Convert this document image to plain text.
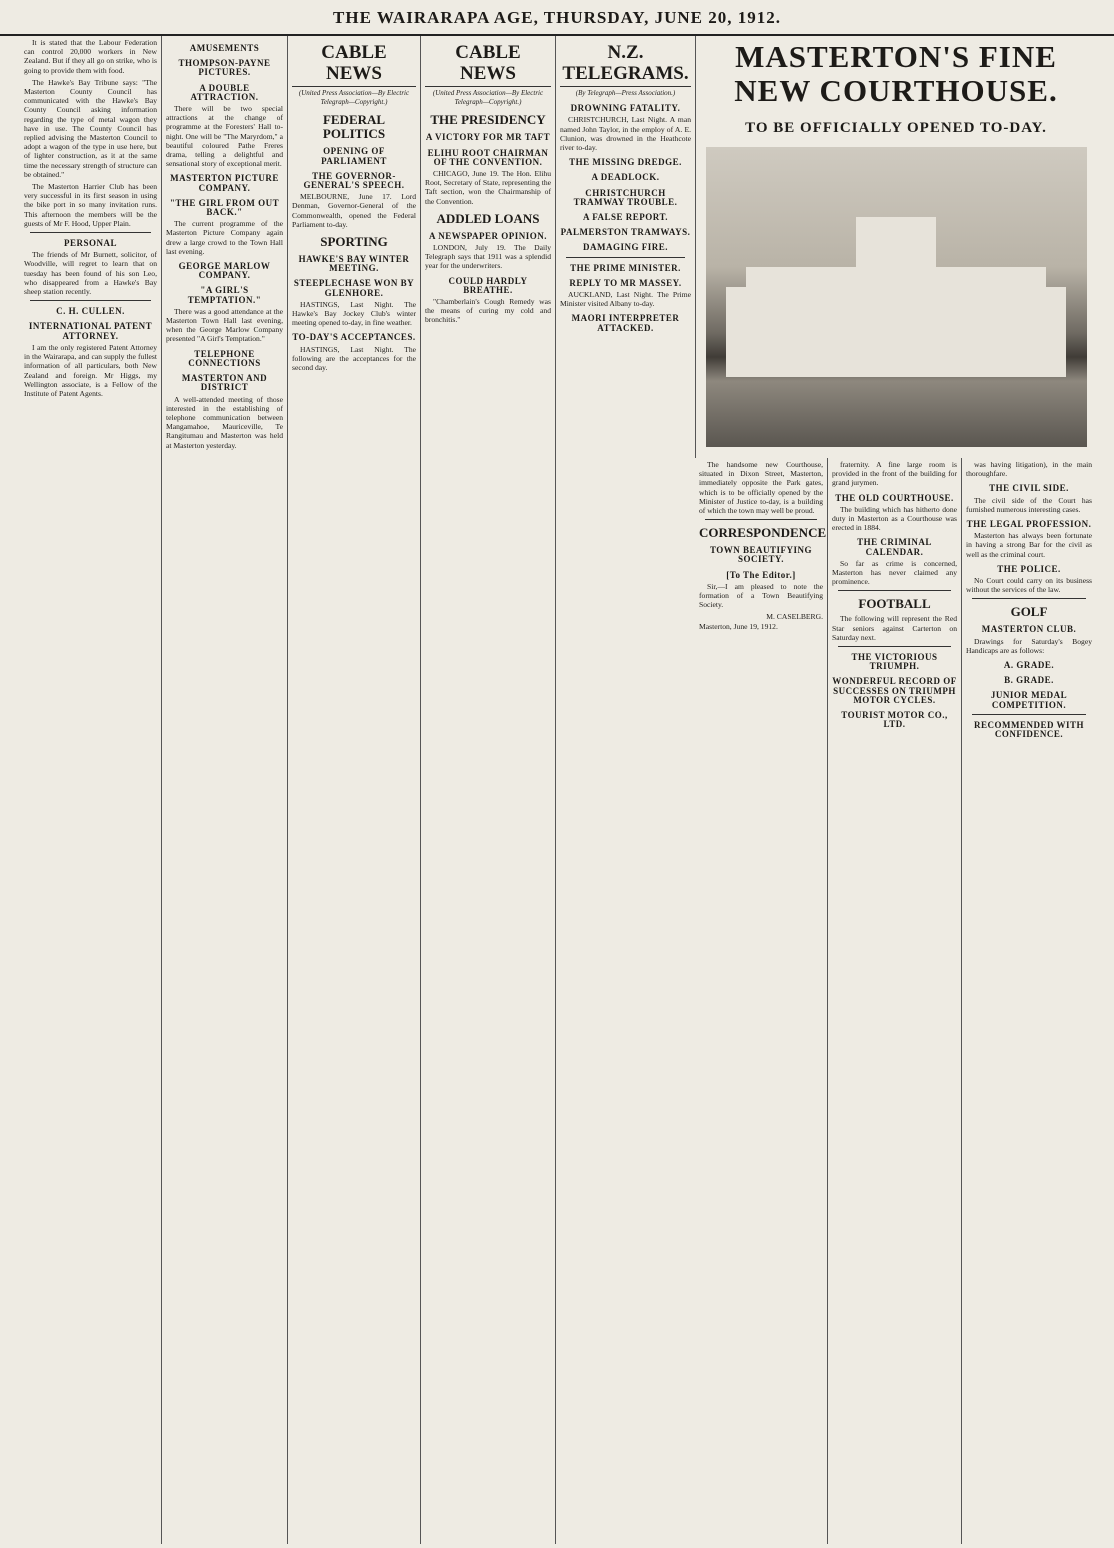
THE WAIRARAPA AGE, THURSDAY, JUNE 20, 1912.

It is stated that the Labour Federation can control 20,000 workers in New Zealand. But if they all go on strike, who is going to provide them with food.

The Hawke's Bay Tribune says: "The Masterton County Council has communicated with the Hawke's Bay County Council asking information regarding the type of metal wagon they have in use. The County Council has replied advising the Masterton Council to adopt a wagon of the type in use here, but of lighter construction, as it at the same time the necessary strength of structure can be obtained."

The Masterton Harrier Club has been very successful in its first season in using the bike port in so many invitation runs. This afternoon the members will be the guests of Mr F. Hood, Upper Plain.

PERSONAL

The friends of Mr Burnett, solicitor, of Woodville, will regret to learn that on tuesday has been found of his son Leo, who disappeared from a Hawke's Bay sheep station recently.

C. H. CULLEN.
INTERNATIONAL PATENT ATTORNEY.

I am the only registered Patent Attorney in the Wairarapa, and can supply the fullest information of all particulars, both New Zealand and foreign. Mr Higgs, my Wellington associate, is a Fellow of the Institute of Patent Agents.

AMUSEMENTS
THOMPSON-PAYNE PICTURES.
A DOUBLE ATTRACTION.

There will be two special attractions at the change of programme at the Foresters' Hall to-night. One will be "The Maryrdom," a beautiful coloured Pathe Freres drama, telling a delightful and sensational story of exceptional merit.

MASTERTON PICTURE COMPANY.
"THE GIRL FROM OUT BACK."

The current programme of the Masterton Picture Company again drew a large crowd to the Town Hall last evening.

GEORGE MARLOW COMPANY.
"A GIRL'S TEMPTATION."

There was a good attendance at the Masterton Town Hall last evening, when the George Marlow Company presented "A Girl's Temptation."

TELEPHONE CONNECTIONS
MASTERTON AND DISTRICT

A well-attended meeting of those interested in the establishing of telephone communication between Mangamahoe, Mauriceville, Te Rangitumau and Masterton was held at Masterton yesterday.

CABLE NEWS
(United Press Association—By Electric Telegraph—Copyright.)
FEDERAL POLITICS
OPENING OF PARLIAMENT
THE GOVERNOR-GENERAL'S SPEECH.

MELBOURNE, June 17. Lord Denman, Governor-General of the Commonwealth, opened the Federal Parliament to-day.

SPORTING
HAWKE'S BAY WINTER MEETING.
STEEPLECHASE WON BY GLENHORE.

HASTINGS, Last Night. The Hawke's Bay Jockey Club's winter meeting opened to-day, in fine weather.

TO-DAY'S ACCEPTANCES.

HASTINGS, Last Night. The following are the acceptances for the second day.

CABLE NEWS
(United Press Association—By Electric Telegraph—Copyright.)
THE PRESIDENCY
A VICTORY FOR MR TAFT
ELIHU ROOT CHAIRMAN OF THE CONVENTION.

CHICAGO, June 19. The Hon. Elihu Root, Secretary of State, representing the Taft section, won the Chairmanship of the Convention.

ADDLED LOANS
A NEWSPAPER OPINION.

LONDON, July 19. The Daily Telegraph says that 1911 was a splendid year for the underwriters.

COULD HARDLY BREATHE.

"Chamberlain's Cough Remedy was the means of curing my cold and bronchitis."

N.Z. TELEGRAMS.
(By Telegraph—Press Association.)
DROWNING FATALITY.

CHRISTCHURCH, Last Night. A man named John Taylor, in the employ of A. E. Clunion, was drowned in the Heathcote river to-day.

THE MISSING DREDGE.
A DEADLOCK.
CHRISTCHURCH TRAMWAY TROUBLE.
A FALSE REPORT.
PALMERSTON TRAMWAYS.
DAMAGING FIRE.
THE PRIME MINISTER.
REPLY TO MR MASSEY.

AUCKLAND, Last Night. The Prime Minister visited Albany to-day.

MAORI INTERPRETER ATTACKED.
MASTERTON'S FINE NEW COURTHOUSE.
TO BE OFFICIALLY OPENED TO-DAY.

The handsome new Courthouse, situated in Dixon Street, Masterton, immediately opposite the Park gates, which is to be officially opened by the Minister of Justice to-day, is a building of which the town may well be proud.

CORRESPONDENCE
TOWN BEAUTIFYING SOCIETY.
[To The Editor.]

Sir,—I am pleased to note the formation of a Town Beautifying Society.

M. CASELBERG.
Masterton, June 19, 1912.

fraternity. A fine large room is provided in the front of the building for grand jurymen.

THE OLD COURTHOUSE.

The building which has hitherto done duty in Masterton as a Courthouse was erected in 1884.

THE CRIMINAL CALENDAR.

So far as crime is concerned, Masterton has never claimed any prominence.

FOOTBALL

The following will represent the Red Star seniors against Carterton on Saturday next.

THE VICTORIOUS TRIUMPH.
WONDERFUL RECORD OF SUCCESSES ON TRIUMPH MOTOR CYCLES.
TOURIST MOTOR CO., LTD.

was having litigation), in the main thoroughfare.

THE CIVIL SIDE.

The civil side of the Court has furnished numerous interesting cases.

THE LEGAL PROFESSION.

Masterton has always been fortunate in having a strong Bar for the civil as well as the criminal court.

THE POLICE.

No Court could carry on its business without the services of the law.

GOLF
MASTERTON CLUB.

Drawings for Saturday's Bogey Handicaps are as follows:

A. GRADE.
B. GRADE.
JUNIOR MEDAL COMPETITION.
RECOMMENDED WITH CONFIDENCE.
